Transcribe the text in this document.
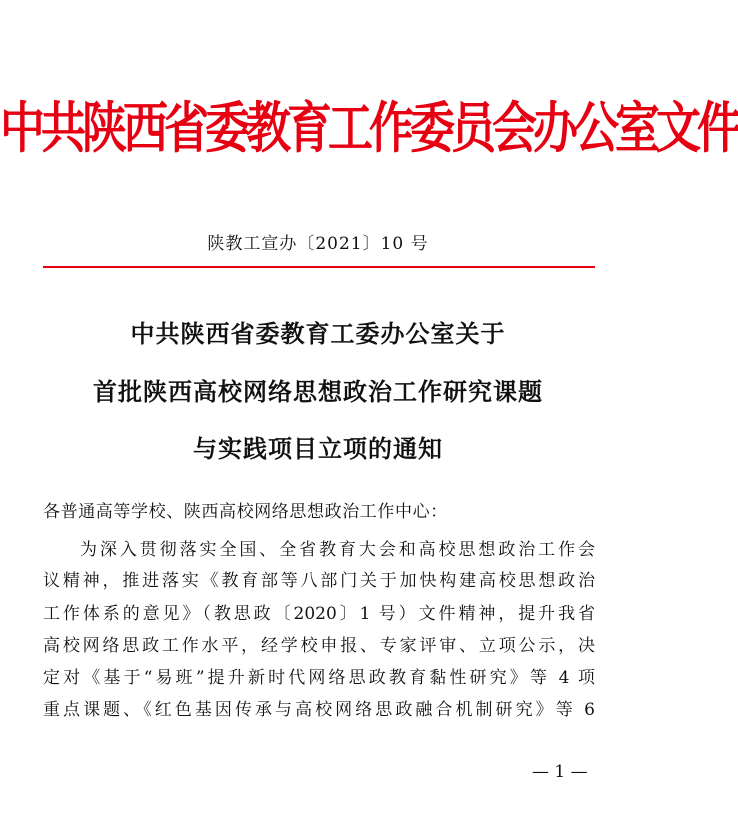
中共陕西省委教育工作委员会办公室文件
陕教工宣办〔2021〕10 号
中共陕西省委教育工委办公室关于
首批陕西高校网络思想政治工作研究课题
与实践项目立项的通知
各普通高等学校、陕西高校网络思想政治工作中心：
为深入贯彻落实全国、全省教育大会和高校思想政治工作会
议精神，推进落实《教育部等八部门关于加快构建高校思想政治
工作体系的意见》（教思政〔2020〕1 号）文件精神，提升我省
高校网络思政工作水平，经学校申报、专家评审、立项公示，决
定对《基于“易班”提升新时代网络思政教育黏性研究》等 4 项
重点课题、《红色基因传承与高校网络思政融合机制研究》等 6
— 1 —
